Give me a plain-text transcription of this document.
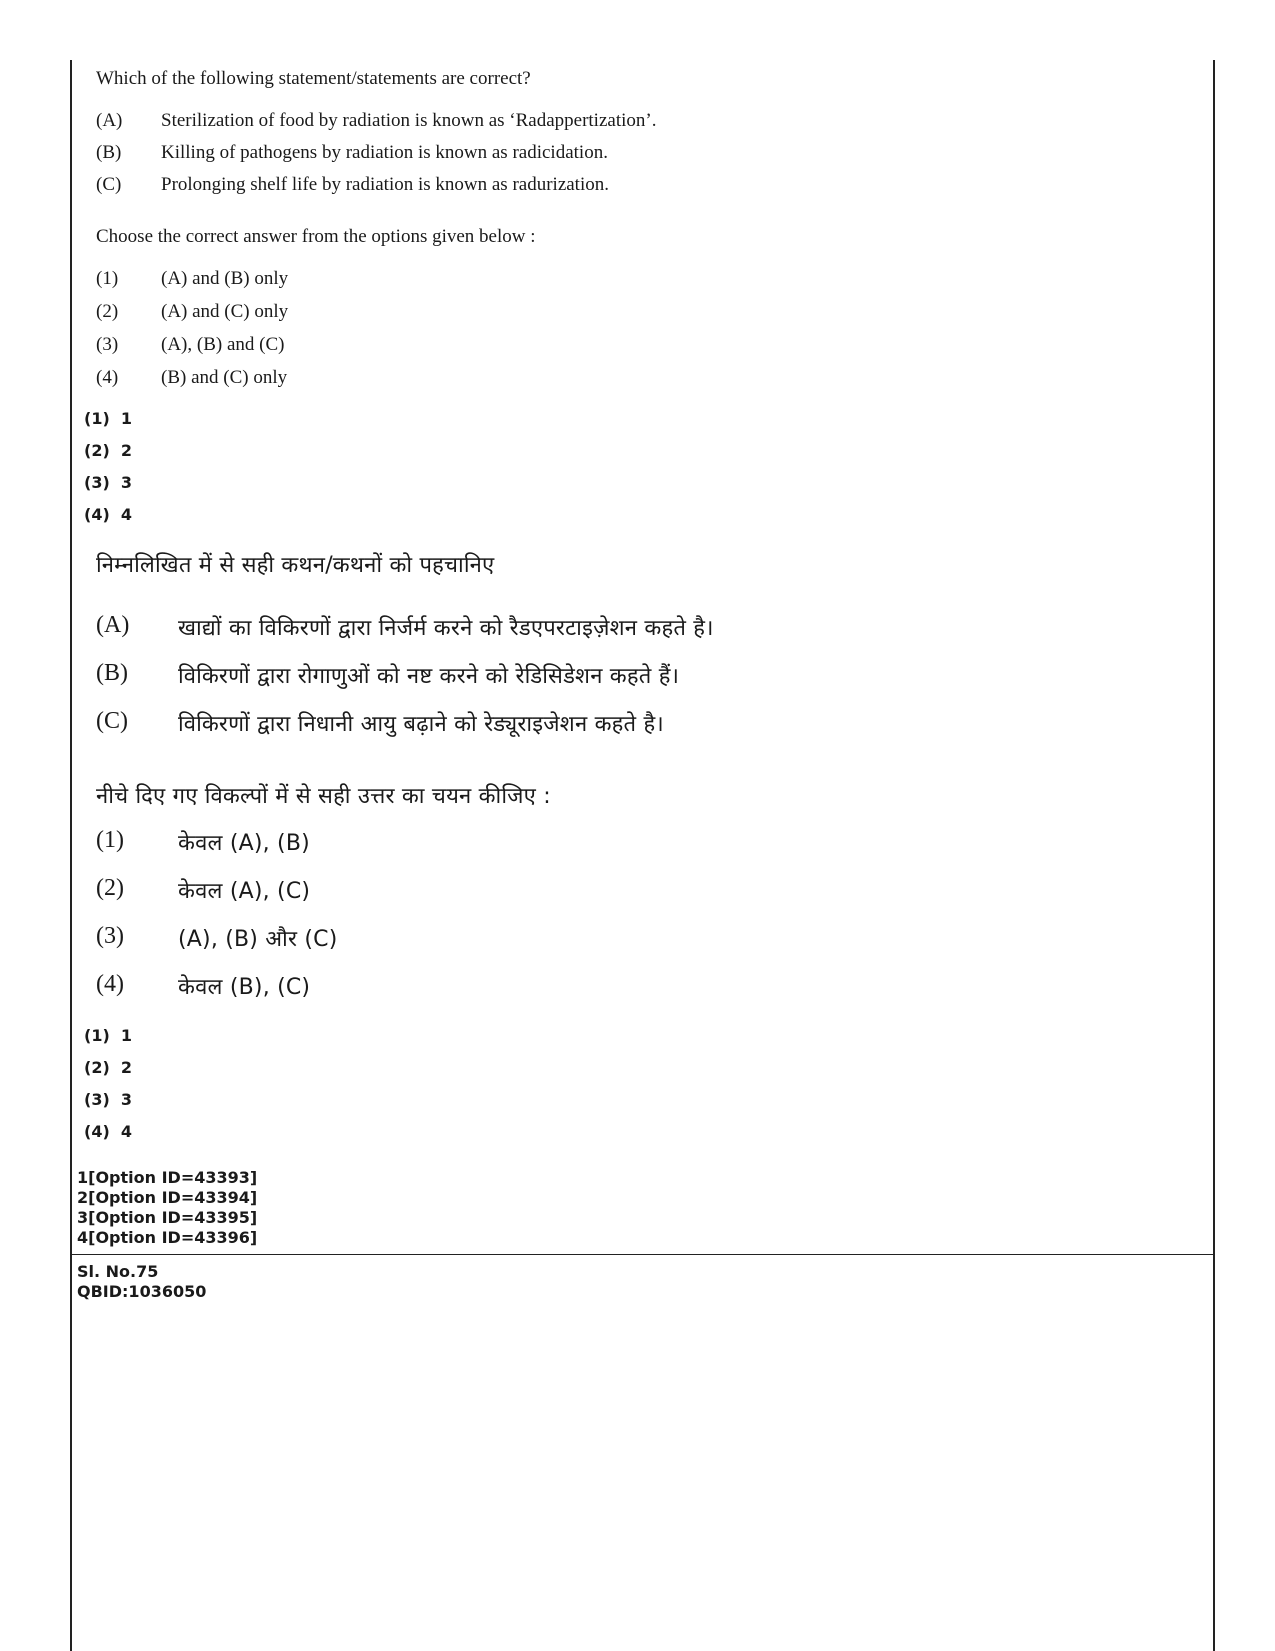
Which of the following statement/statements are correct?
(A) Sterilization of food by radiation is known as ‘Radappertization’.
(B) Killing of pathogens by radiation is known as radicidation.
(C) Prolonging shelf life by radiation is known as radurization.
Choose the correct answer from the options given below :
(1) (A) and (B) only
(2) (A) and (C) only
(3) (A), (B) and (C)
(4) (B) and (C) only
(1) 1
(2) 2
(3) 3
(4) 4
निम्नलिखित में से सही कथन/कथनों को पहचानिए
(A) खाद्यों का विकिरणों द्वारा निर्जर्म करने को रैडएपरटाइज़ेशन कहते है।
(B) विकिरणों द्वारा रोगाणुओं को नष्ट करने को रेडिसिडेशन कहते हैं।
(C) विकिरणों द्वारा निधानी आयु बढ़ाने को रेड्यूराइजेशन कहते है।
नीचे दिए गए विकल्पों में से सही उत्तर का चयन कीजिए :
(1) केवल (A), (B)
(2) केवल (A), (C)
(3) (A), (B) और (C)
(4) केवल (B), (C)
(1) 1
(2) 2
(3) 3
(4) 4
1[Option ID=43393]
2[Option ID=43394]
3[Option ID=43395]
4[Option ID=43396]
Sl. No.75
QBID:1036050
